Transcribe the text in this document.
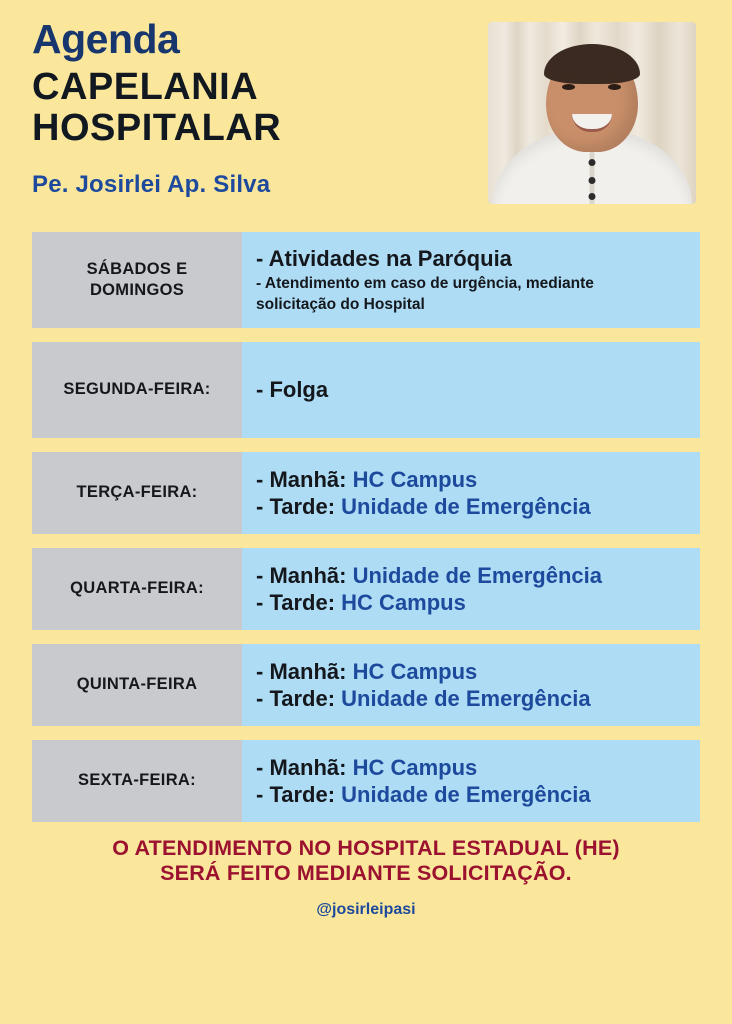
Agenda
CAPELANIA
HOSPITALAR
Pe. Josirlei Ap. Silva
SÁBADOS E
DOMINGOS
- Atividades na Paróquia
- Atendimento em caso de urgência, mediante
solicitação do Hospital
SEGUNDA-FEIRA:	- Folga
TERÇA-FEIRA:
- Manhã: HC Campus
- Tarde: Unidade de Emergência
QUARTA-FEIRA:
- Manhã: Unidade de Emergência
- Tarde: HC Campus
QUINTA-FEIRA
- Manhã: HC Campus
- Tarde: Unidade de Emergência
SEXTA-FEIRA:
- Manhã: HC Campus
- Tarde: Unidade de Emergência
O ATENDIMENTO NO HOSPITAL ESTADUAL (HE)
SERÁ FEITO MEDIANTE SOLICITAÇÃO.
@josirleipasi
